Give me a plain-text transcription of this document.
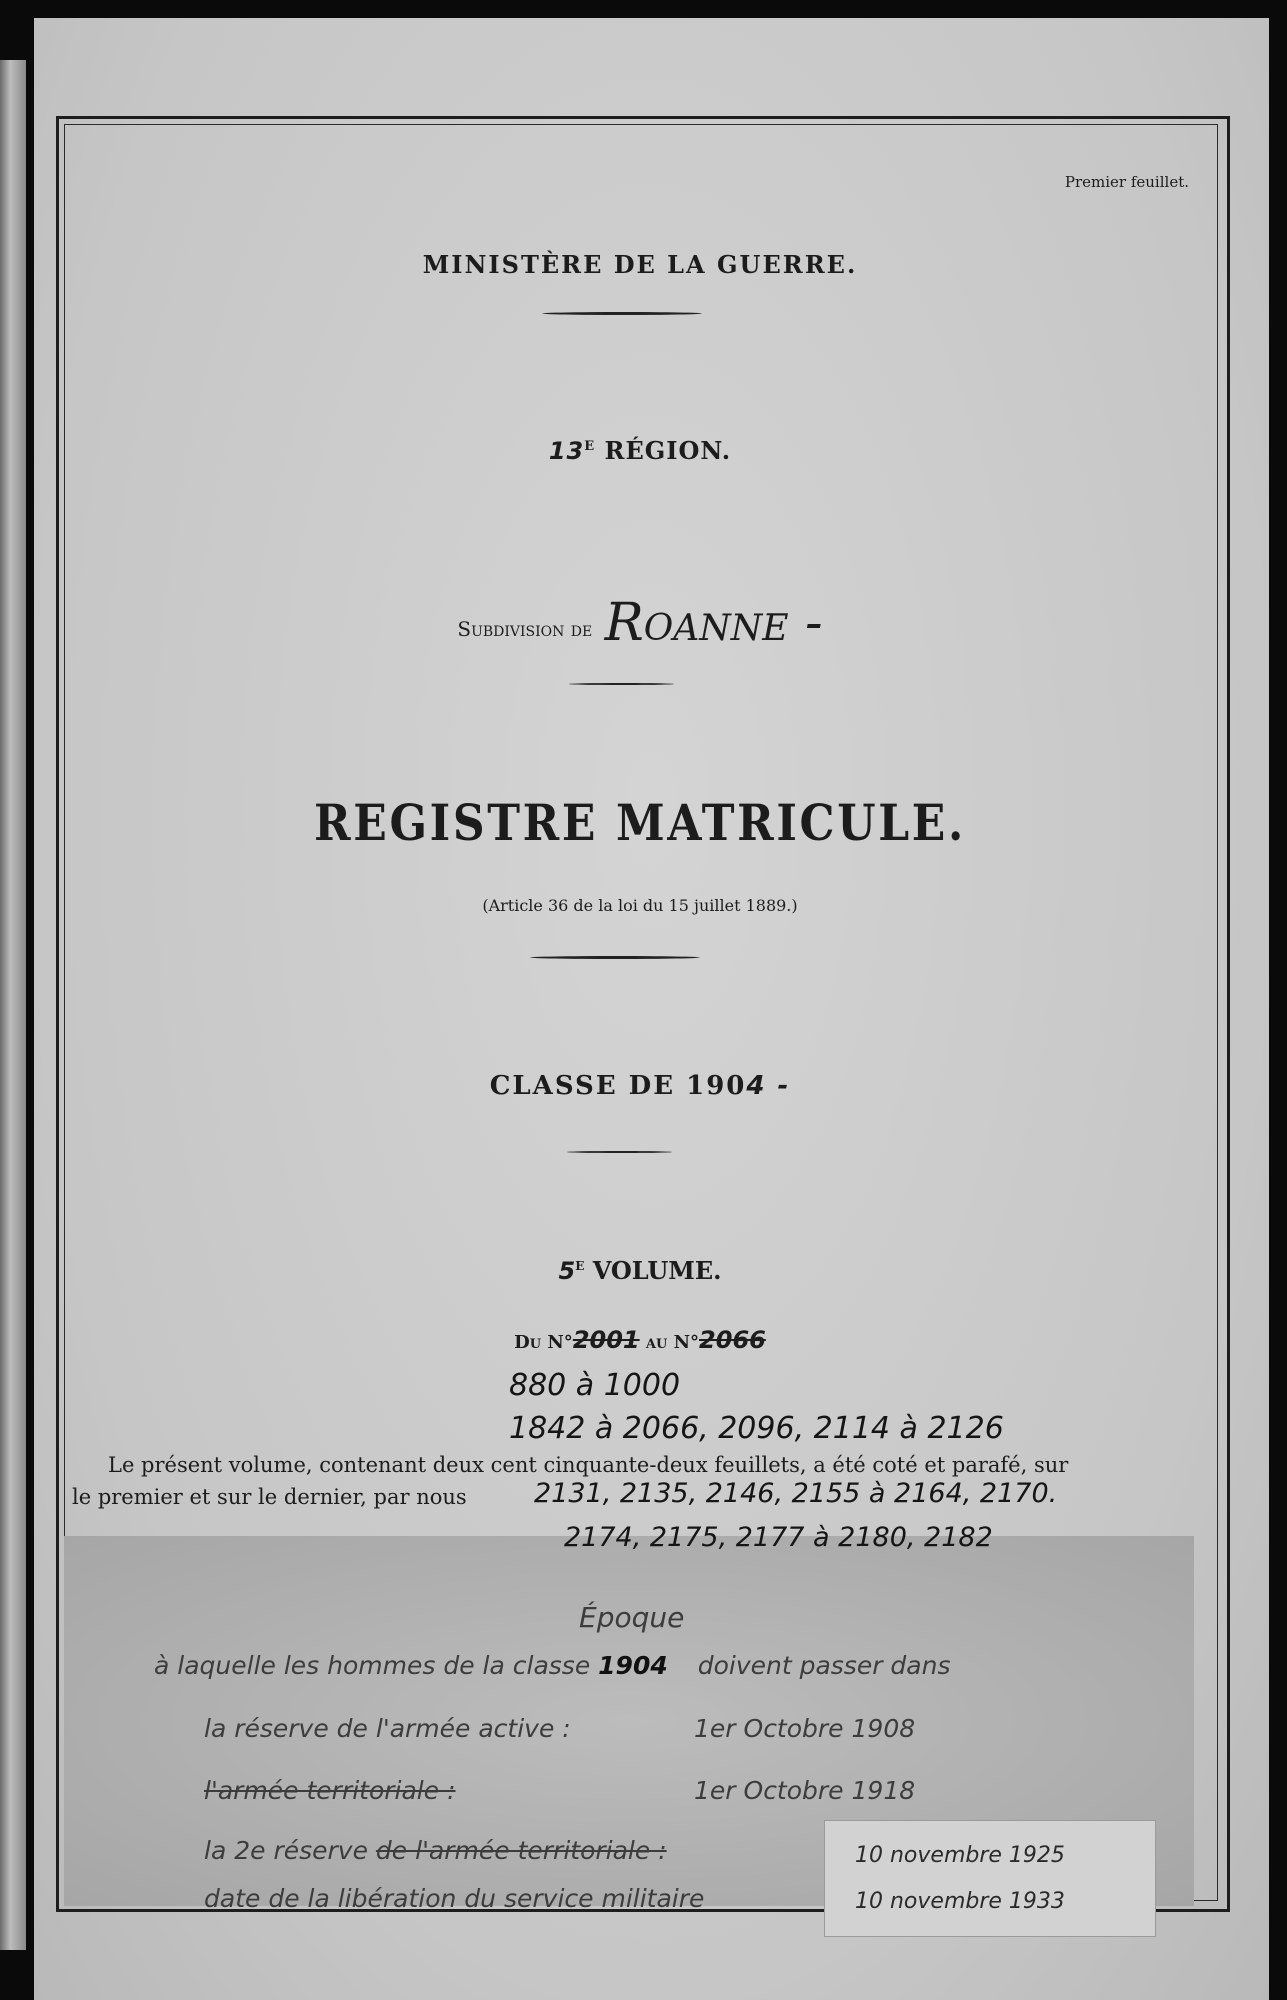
Premier feuillet.
MINISTÈRE DE LA GUERRE.
$13^E$ RÉGION.
Subdivision de Roanne -
REGISTRE MATRICULE.
(Article 36 de la loi du 15 juillet 1889.)
CLASSE DE 1904 -
$5^E$ VOLUME.
Du N°2001 au N°2066
880 à 1000
1842 à 2066, 2096, 2114 à 2126
Le présent volume, contenant deux cent cinquante-deux feuillets, a été coté et parafé, sur
le premier et sur le dernier, par nous 2131, 2135, 2146, 2155 à 2164, 2170.
2174, 2175, 2177 à 2180, 2182
Époque
à laquelle les hommes de la classe 1904 doivent passer dans
la réserve de l'armée active :	1er Octobre 1908
l'armée territoriale :	1er Octobre 1918
la 2e réserve de l'armée territoriale :
date de la libération du service militaire
10 novembre 1925
10 novembre 1933
